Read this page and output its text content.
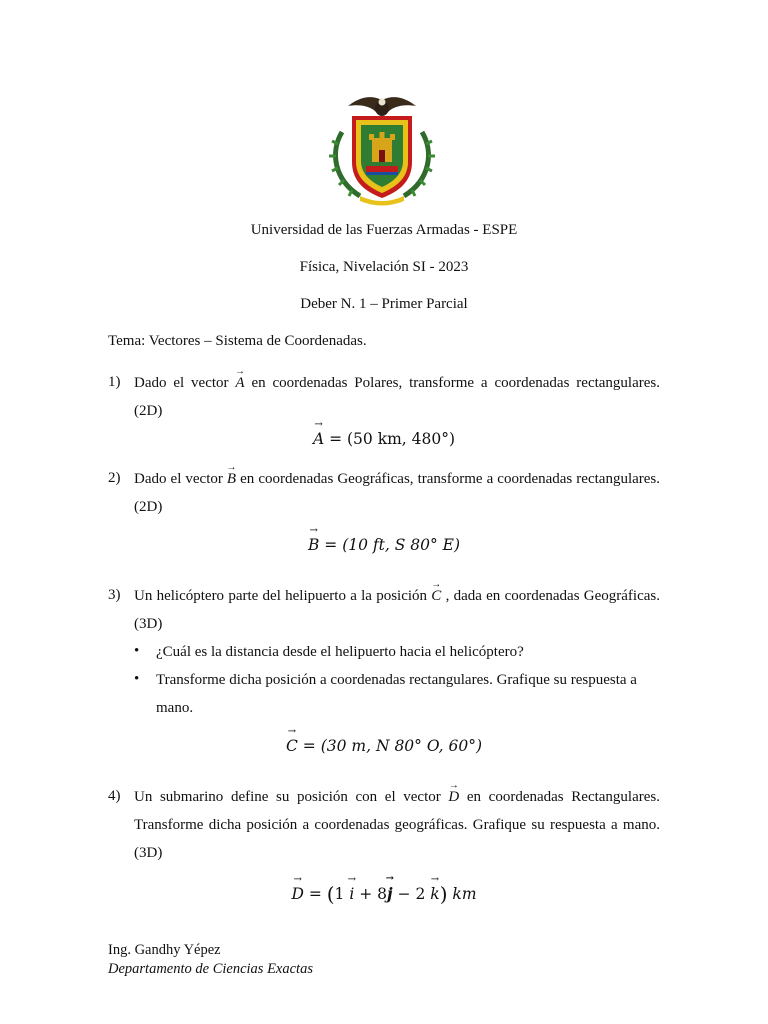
Universidad de las Fuerzas Armadas - ESPE
Física, Nivelación SI - 2023
Deber N. 1 – Primer Parcial
Tema: Vectores – Sistema de Coordenadas.
1) Dado el vector → A en coordenadas Polares, transforme a coordenadas rectangulares. (2D)
→ A = (50 km, 480°)
2) Dado el vector → B en coordenadas Geográficas, transforme a coordenadas rectangulares. (2D)
→ B = (10 ft, S 80° E)
3) Un helicóptero parte del helipuerto a la posición → C , dada en coordenadas Geográficas. (3D)
• ¿Cuál es la distancia desde el helipuerto hacia el helicóptero?
• Transforme dicha posición a coordenadas rectangulares. Grafique su respuesta a mano.
→ C = (30 m, N 80° O, 60°)
4) Un submarino define su posición con el vector → D en coordenadas Rectangulares. Transforme dicha posición a coordenadas geográficas. Grafique su respuesta a mano. (3D)
→ D = (1 → i + 8→ j − 2 → k) km
Ing. Gandhy Yépez
Departamento de Ciencias Exactas
